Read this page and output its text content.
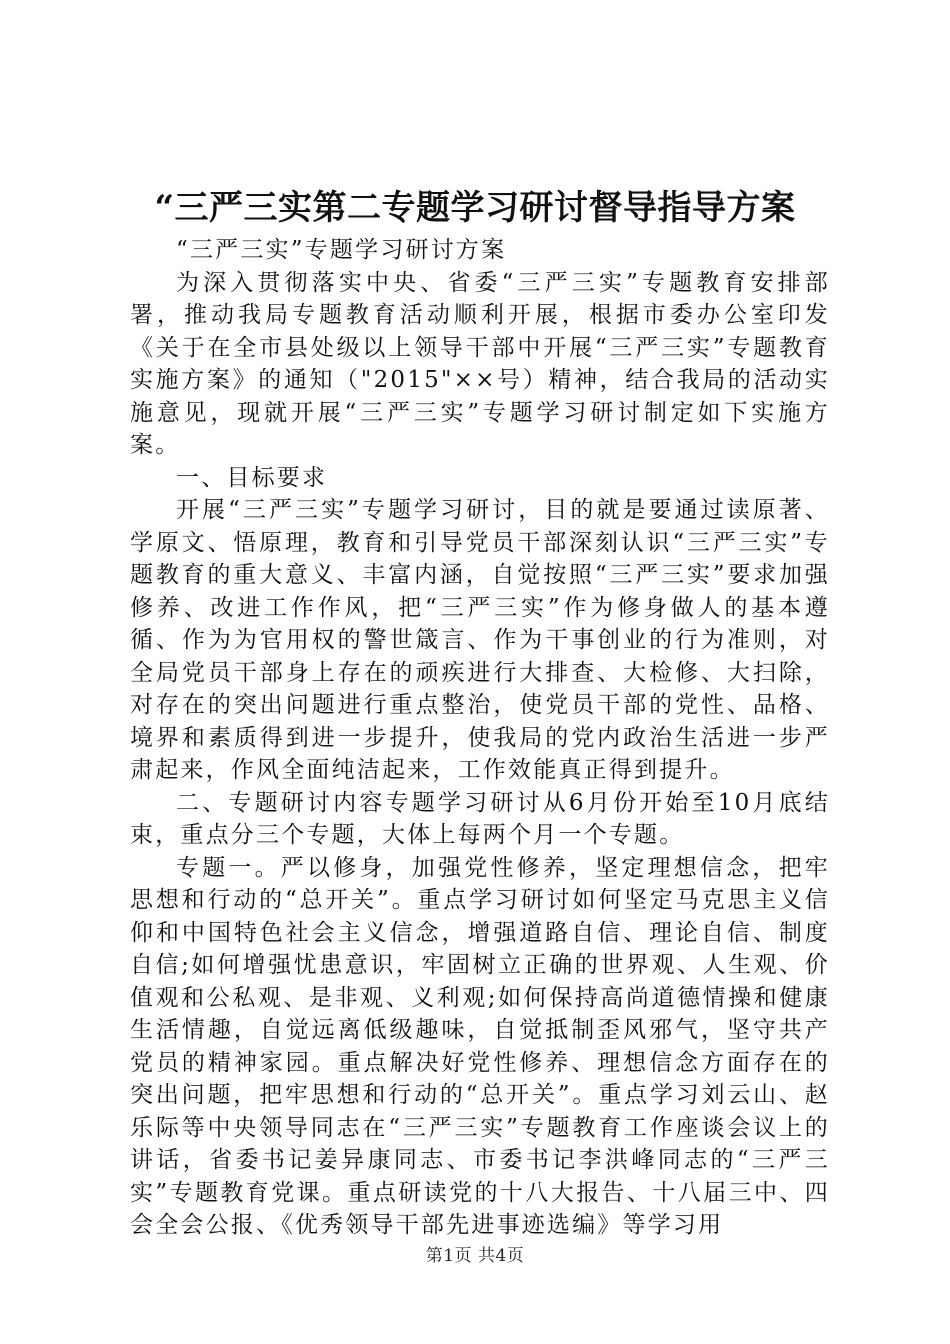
“三严三实第二专题学习研讨督导指导方案

“三严三实”专题学习研讨方案

为深入贯彻落实中央、省委“三严三实”专题教育安排部署，推动我局专题教育活动顺利开展，根据市委办公室印发《关于在全市县处级以上领导干部中开展“三严三实”专题教育实施方案》的通知（"2015"××号）精神，结合我局的活动实施意见，现就开展“三严三实”专题学习研讨制定如下实施方案。

一、目标要求

开展“三严三实”专题学习研讨，目的就是要通过读原著、学原文、悟原理，教育和引导党员干部深刻认识“三严三实”专题教育的重大意义、丰富内涵，自觉按照“三严三实”要求加强修养、改进工作作风，把“三严三实”作为修身做人的基本遵循、作为为官用权的警世箴言、作为干事创业的行为准则，对全局党员干部身上存在的顽疾进行大排查、大检修、大扫除，对存在的突出问题进行重点整治，使党员干部的党性、品格、境界和素质得到进一步提升，使我局的党内政治生活进一步严肃起来，作风全面纯洁起来，工作效能真正得到提升。

二、专题研讨内容专题学习研讨从6月份开始至10月底结束，重点分三个专题，大体上每两个月一个专题。

专题一。严以修身，加强党性修养，坚定理想信念，把牢思想和行动的“总开关”。重点学习研讨如何坚定马克思主义信仰和中国特色社会主义信念，增强道路自信、理论自信、制度自信;如何增强忧患意识，牢固树立正确的世界观、人生观、价值观和公私观、是非观、义利观;如何保持高尚道德情操和健康生活情趣，自觉远离低级趣味，自觉抵制歪风邪气，坚守共产党员的精神家园。重点解决好党性修养、理想信念方面存在的突出问题，把牢思想和行动的“总开关”。重点学习刘云山、赵乐际等中央领导同志在“三严三实”专题教育工作座谈会议上的讲话，省委书记姜异康同志、市委书记李洪峰同志的“三严三实”专题教育党课。重点研读党的十八大报告、十八届三中、四会全会公报、《优秀领导干部先进事迹选编》等学习用

第1页 共4页
